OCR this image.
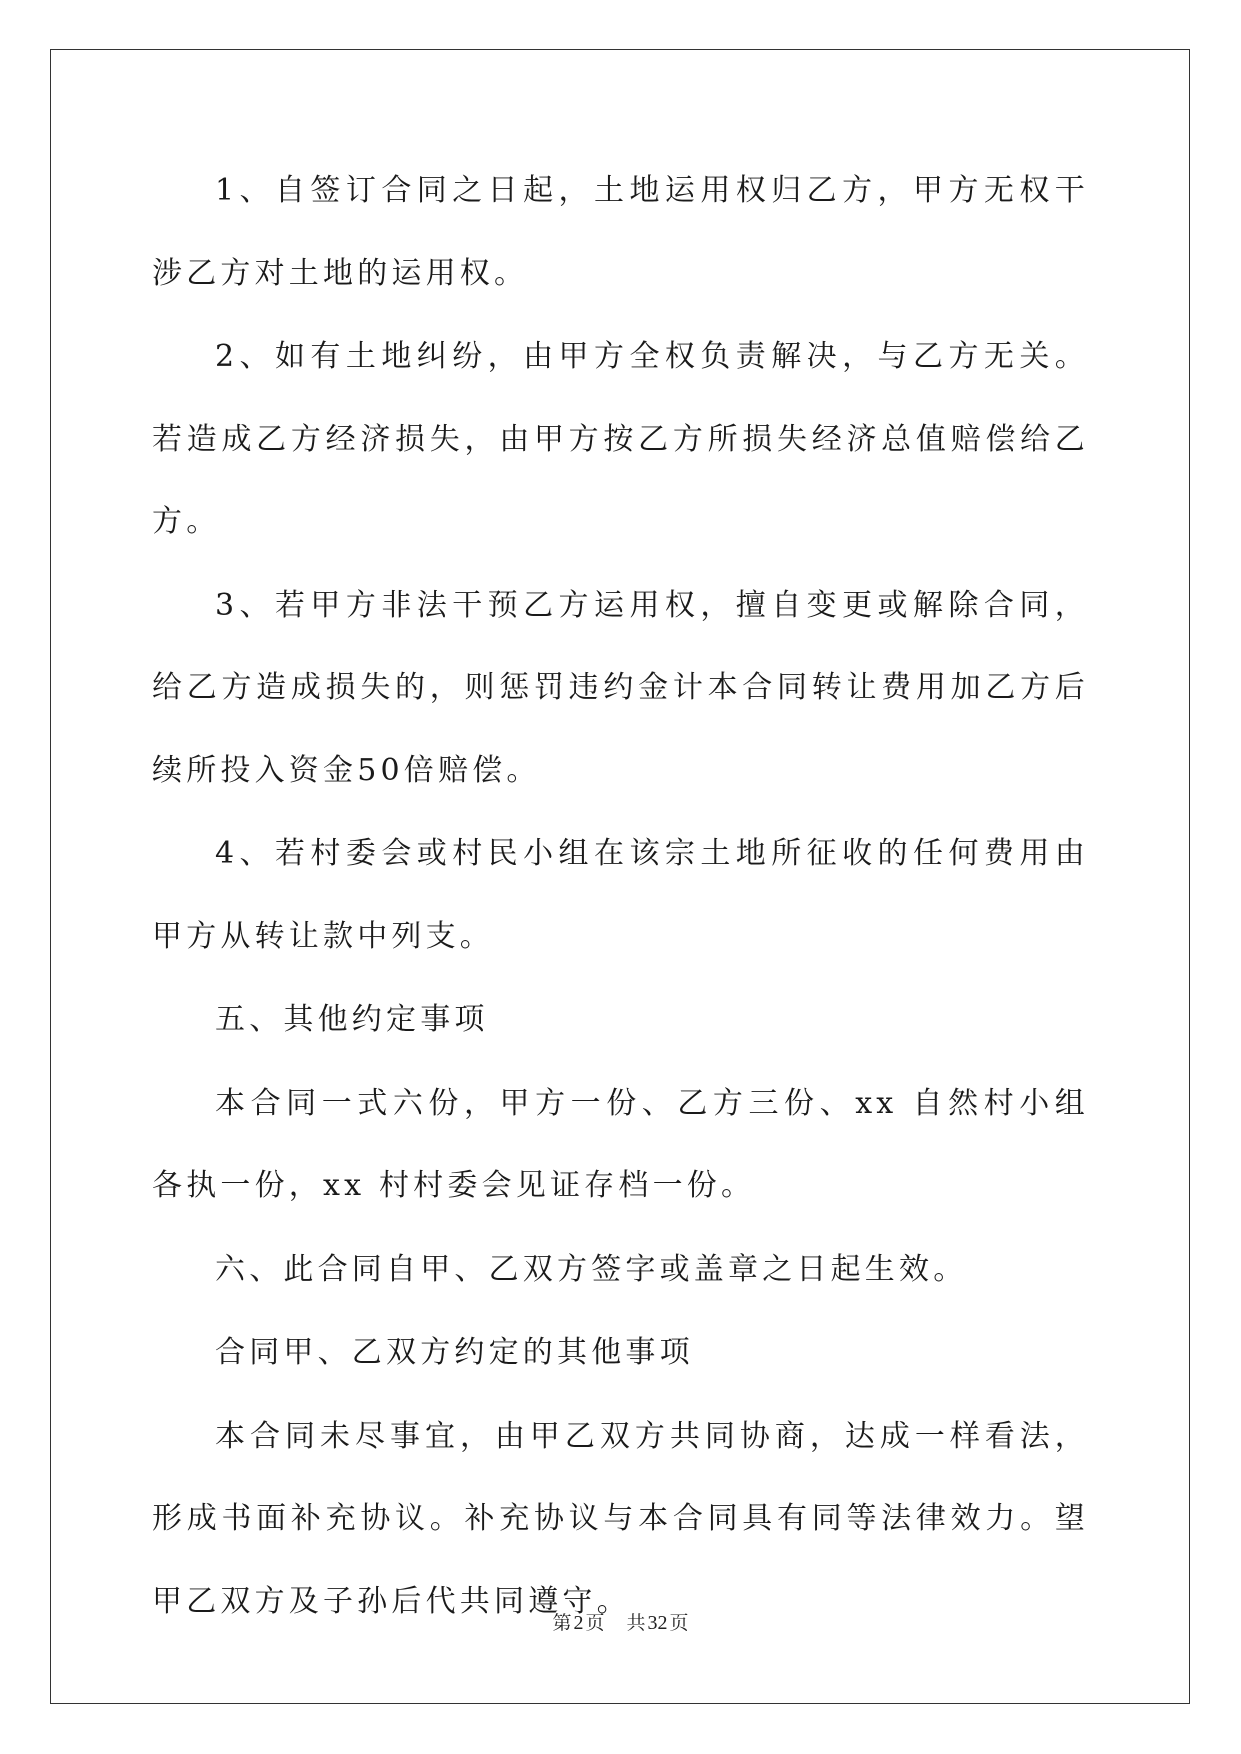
1、自签订合同之日起，土地运用权归乙方，甲方无权干涉乙方对土地的运用权。

2、如有土地纠纷，由甲方全权负责解决，与乙方无关。若造成乙方经济损失，由甲方按乙方所损失经济总值赔偿给乙方。

3、若甲方非法干预乙方运用权，擅自变更或解除合同，给乙方造成损失的，则惩罚违约金计本合同转让费用加乙方后续所投入资金50倍赔偿。

4、若村委会或村民小组在该宗土地所征收的任何费用由甲方从转让款中列支。

五、其他约定事项

本合同一式六份，甲方一份、乙方三份、xx 自然村小组各执一份，xx 村村委会见证存档一份。

六、此合同自甲、乙双方签字或盖章之日起生效。

合同甲、乙双方约定的其他事项

本合同未尽事宜，由甲乙双方共同协商，达成一样看法，形成书面补充协议。补充协议与本合同具有同等法律效力。望甲乙双方及子孙后代共同遵守。

第 2 页 共 32 页
